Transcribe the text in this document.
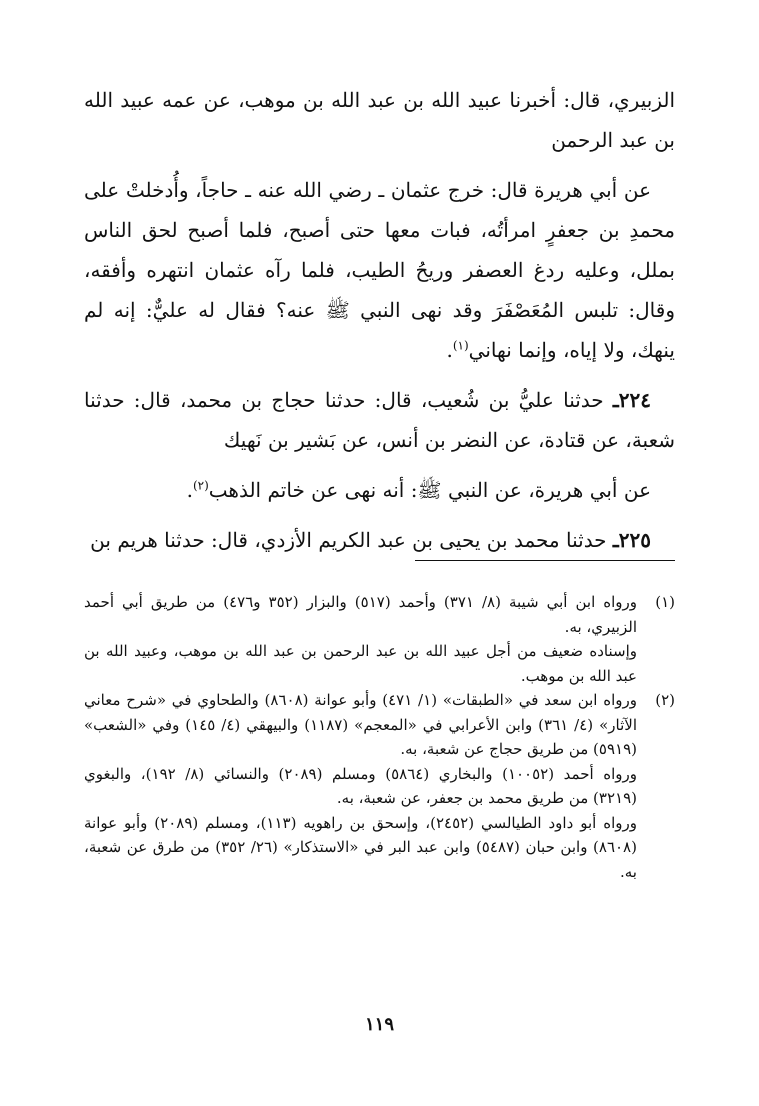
الزبيري، قال: أخبرنا عبيد الله بن عبد الله بن موهب، عن عمه عبيد الله بن عبد الرحمن

عن أبي هريرة قال: خرج عثمان ـ رضي الله عنه ـ حاجاً، وأُدخلتْ على محمدِ بن جعفرٍ امرأتُه، فبات معها حتى أصبح، فلما أصبح لحق الناس بملل، وعليه ردغ العصفر وريحُ الطيب، فلما رآه عثمان انتهره وأفقه، وقال: تلبس المُعَصْفَرَ وقد نهى النبي ﷺ عنه؟ فقال له عليٌّ: إنه لم ينهك، ولا إياه، وإنما نهاني$^{(١)}$.

٢٢٤ـ حدثنا عليُّ بن شُعيب، قال: حدثنا حجاج بن محمد، قال: حدثنا شعبة، عن قتادة، عن النضر بن أنس، عن بَشير بن نَهيك

عن أبي هريرة، عن النبي ﷺ: أنه نهى عن خاتم الذهب$^{(٢)}$.

٢٢٥ـ حدثنا محمد بن يحيى بن عبد الكريم الأزدي، قال: حدثنا هريم بن

(١)
ورواه ابن أبي شيبة (٨/ ٣٧١) وأحمد (٥١٧) والبزار (٣٥٢ و٤٧٦) من طريق أبي أحمد الزبيري، به.
وإسناده ضعيف من أجل عبيد الله بن عبد الرحمن بن عبد الله بن موهب، وعبيد الله بن عبد الله بن موهب.
(٢)
ورواه ابن سعد في «الطبقات» (١/ ٤٧١) وأبو عوانة (٨٦٠٨) والطحاوي في «شرح معاني الآثار» (٤/ ٣٦١) وابن الأعرابي في «المعجم» (١١٨٧) والبيهقي (٤/ ١٤٥) وفي «الشعب» (٥٩١٩) من طريق حجاج عن شعبة، به.
ورواه أحمد (١٠٠٥٢) والبخاري (٥٨٦٤) ومسلم (٢٠٨٩) والنسائي (٨/ ١٩٢)، والبغوي (٣٢١٩) من طريق محمد بن جعفر، عن شعبة، به.
ورواه أبو داود الطيالسي (٢٤٥٢)، وإسحق بن راهويه (١١٣)، ومسلم (٢٠٨٩) وأبو عوانة (٨٦٠٨) وابن حبان (٥٤٨٧) وابن عبد البر في «الاستذكار» (٢٦/ ٣٥٢) من طرق عن شعبة، به.
١١٩
